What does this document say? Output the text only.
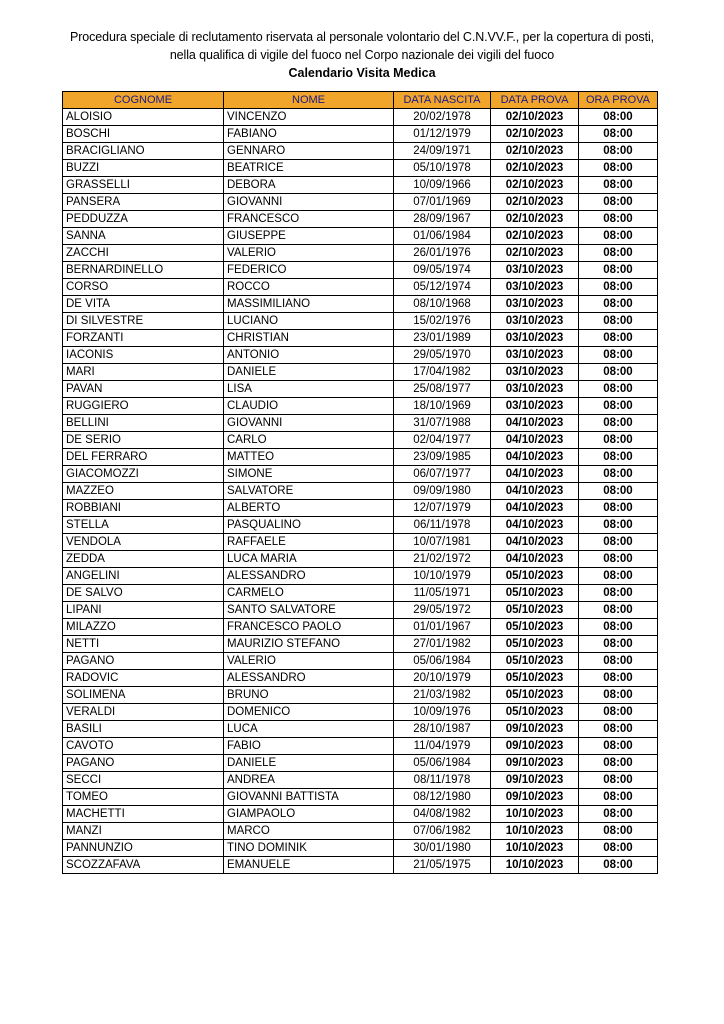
Procedura speciale di reclutamento riservata al personale volontario del C.N.VV.F., per la copertura di posti,
nella qualifica di vigile del fuoco nel Corpo nazionale dei vigili del fuoco
Calendario Visita Medica
COGNOME	NOME	DATA NASCITA	DATA PROVA	ORA PROVA
ALOISIO	VINCENZO	20/02/1978	02/10/2023	08:00
BOSCHI	FABIANO	01/12/1979	02/10/2023	08:00
BRACIGLIANO	GENNARO	24/09/1971	02/10/2023	08:00
BUZZI	BEATRICE	05/10/1978	02/10/2023	08:00
GRASSELLI	DEBORA	10/09/1966	02/10/2023	08:00
PANSERA	GIOVANNI	07/01/1969	02/10/2023	08:00
PEDDUZZA	FRANCESCO	28/09/1967	02/10/2023	08:00
SANNA	GIUSEPPE	01/06/1984	02/10/2023	08:00
ZACCHI	VALERIO	26/01/1976	02/10/2023	08:00
BERNARDINELLO	FEDERICO	09/05/1974	03/10/2023	08:00
CORSO	ROCCO	05/12/1974	03/10/2023	08:00
DE VITA	MASSIMILIANO	08/10/1968	03/10/2023	08:00
DI SILVESTRE	LUCIANO	15/02/1976	03/10/2023	08:00
FORZANTI	CHRISTIAN	23/01/1989	03/10/2023	08:00
IACONIS	ANTONIO	29/05/1970	03/10/2023	08:00
MARI	DANIELE	17/04/1982	03/10/2023	08:00
PAVAN	LISA	25/08/1977	03/10/2023	08:00
RUGGIERO	CLAUDIO	18/10/1969	03/10/2023	08:00
BELLINI	GIOVANNI	31/07/1988	04/10/2023	08:00
DE SERIO	CARLO	02/04/1977	04/10/2023	08:00
DEL FERRARO	MATTEO	23/09/1985	04/10/2023	08:00
GIACOMOZZI	SIMONE	06/07/1977	04/10/2023	08:00
MAZZEO	SALVATORE	09/09/1980	04/10/2023	08:00
ROBBIANI	ALBERTO	12/07/1979	04/10/2023	08:00
STELLA	PASQUALINO	06/11/1978	04/10/2023	08:00
VENDOLA	RAFFAELE	10/07/1981	04/10/2023	08:00
ZEDDA	LUCA MARIA	21/02/1972	04/10/2023	08:00
ANGELINI	ALESSANDRO	10/10/1979	05/10/2023	08:00
DE SALVO	CARMELO	11/05/1971	05/10/2023	08:00
LIPANI	SANTO SALVATORE	29/05/1972	05/10/2023	08:00
MILAZZO	FRANCESCO PAOLO	01/01/1967	05/10/2023	08:00
NETTI	MAURIZIO STEFANO	27/01/1982	05/10/2023	08:00
PAGANO	VALERIO	05/06/1984	05/10/2023	08:00
RADOVIC	ALESSANDRO	20/10/1979	05/10/2023	08:00
SOLIMENA	BRUNO	21/03/1982	05/10/2023	08:00
VERALDI	DOMENICO	10/09/1976	05/10/2023	08:00
BASILI	LUCA	28/10/1987	09/10/2023	08:00
CAVOTO	FABIO	11/04/1979	09/10/2023	08:00
PAGANO	DANIELE	05/06/1984	09/10/2023	08:00
SECCI	ANDREA	08/11/1978	09/10/2023	08:00
TOMEO	GIOVANNI BATTISTA	08/12/1980	09/10/2023	08:00
MACHETTI	GIAMPAOLO	04/08/1982	10/10/2023	08:00
MANZI	MARCO	07/06/1982	10/10/2023	08:00
PANNUNZIO	TINO DOMINIK	30/01/1980	10/10/2023	08:00
SCOZZAFAVA	EMANUELE	21/05/1975	10/10/2023	08:00
